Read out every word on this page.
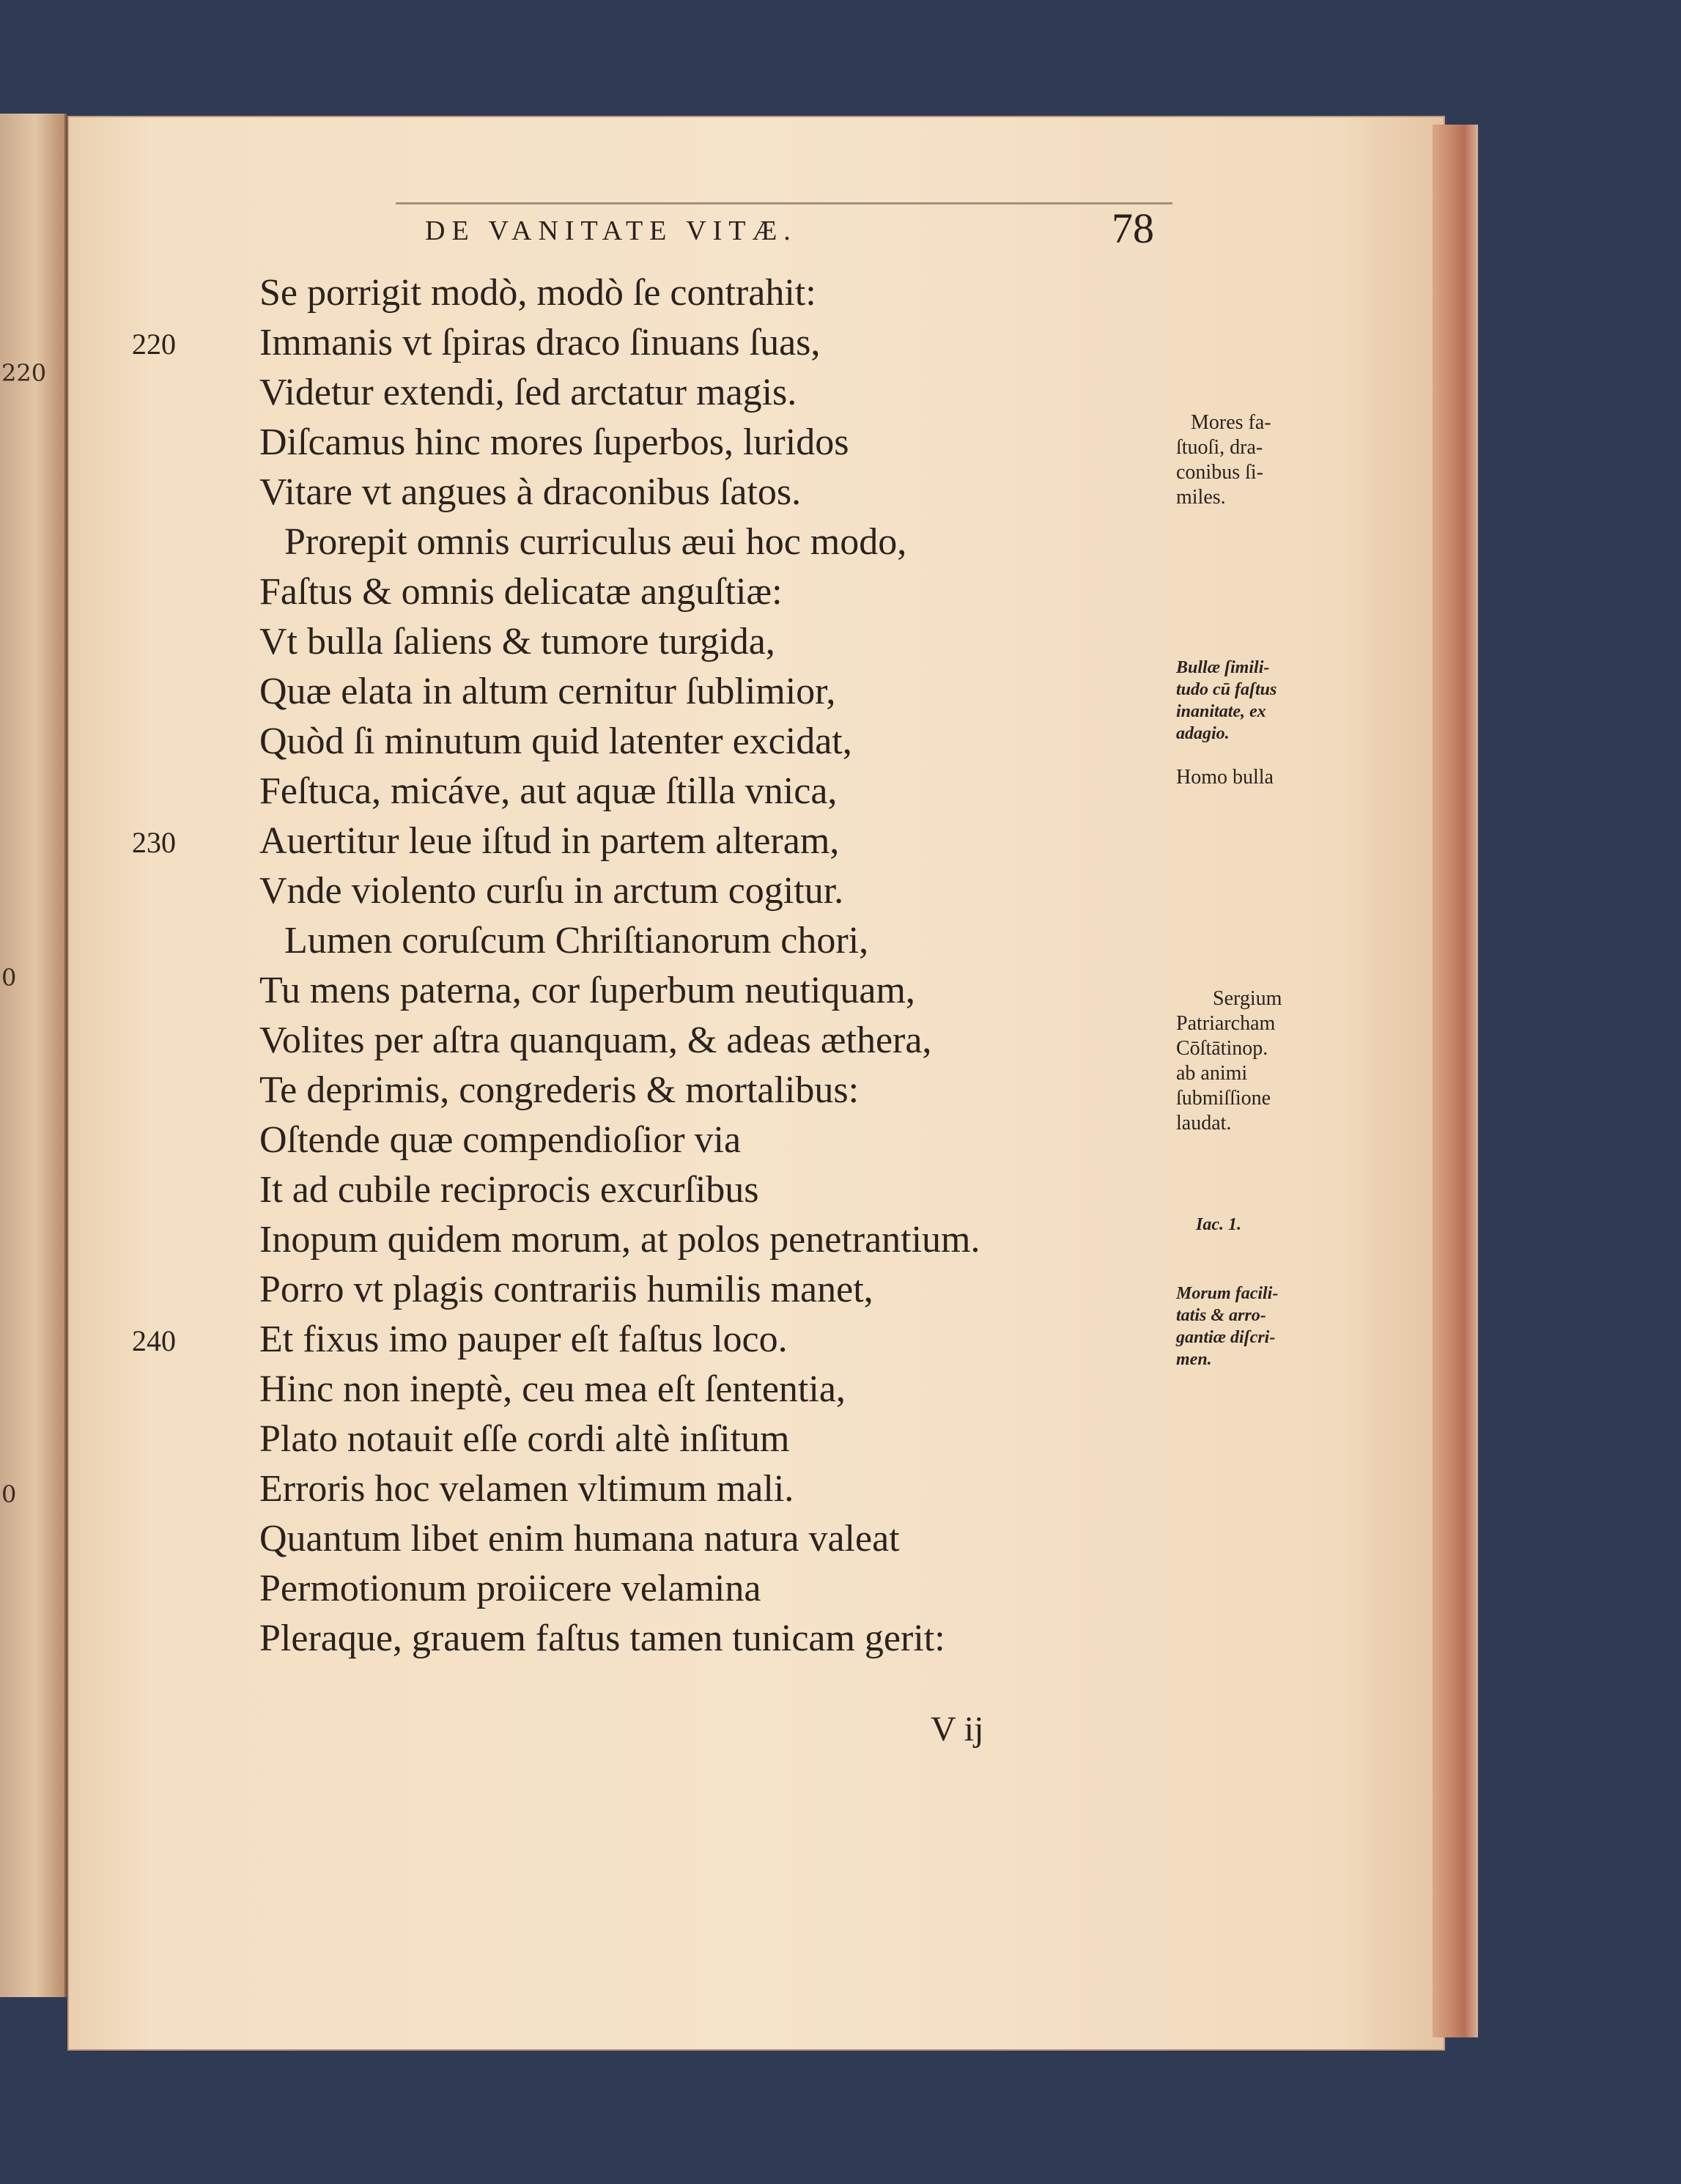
220
0
0
DE VANITATE VITÆ.	78
Se porrigit modò, modò ſe contrahit:
Immanis vt ſpiras draco ſinuans ſuas,
Videtur extendi, ſed arctatur magis.
Diſcamus hinc mores ſuperbos, luridos
Vitare vt angues à draconibus ſatos.
Prorepit omnis curriculus æui hoc modo,
Faſtus & omnis delicatæ anguſtiæ:
Vt bulla ſaliens & tumore turgida,
Quæ elata in altum cernitur ſublimior,
Quòd ſi minutum quid latenter excidat,
Feſtuca, micáve, aut aquæ ſtilla vnica,
Auertitur leue iſtud in partem alteram,
Vnde violento curſu in arctum cogitur.
Lumen coruſcum Chriſtianorum chori,
Tu mens paterna, cor ſuperbum neutiquam,
Volites per aſtra quanquam, & adeas æthera,
Te deprimis, congrederis & mortalibus:
Oſtende quæ compendioſior via
It ad cubile reciprocis excurſibus
Inopum quidem morum, at polos penetrantium.
Porro vt plagis contrariis humilis manet,
Et fixus imo pauper eſt faſtus loco.
Hinc non ineptè, ceu mea eſt ſententia,
Plato notauit eſſe cordi altè inſitum
Erroris hoc velamen vltimum mali.
Quantum libet enim humana natura valeat
Permotionum proiicere velamina
Pleraque, grauem faſtus tamen tunicam gerit:
220
230
240
Mores fa-
ſtuoſi, dra-
conibus ſi-
miles.
Bullæ ſimili-
tudo cū faſtus
inanitate, ex
adagio.
Homo bulla
Sergium
Patriarcham
Cōſtātinop.
ab animi
ſubmiſſione
laudat.
Iac. 1.
Morum facili-
tatis & arro-
gantiæ diſcri-
men.
V ij
